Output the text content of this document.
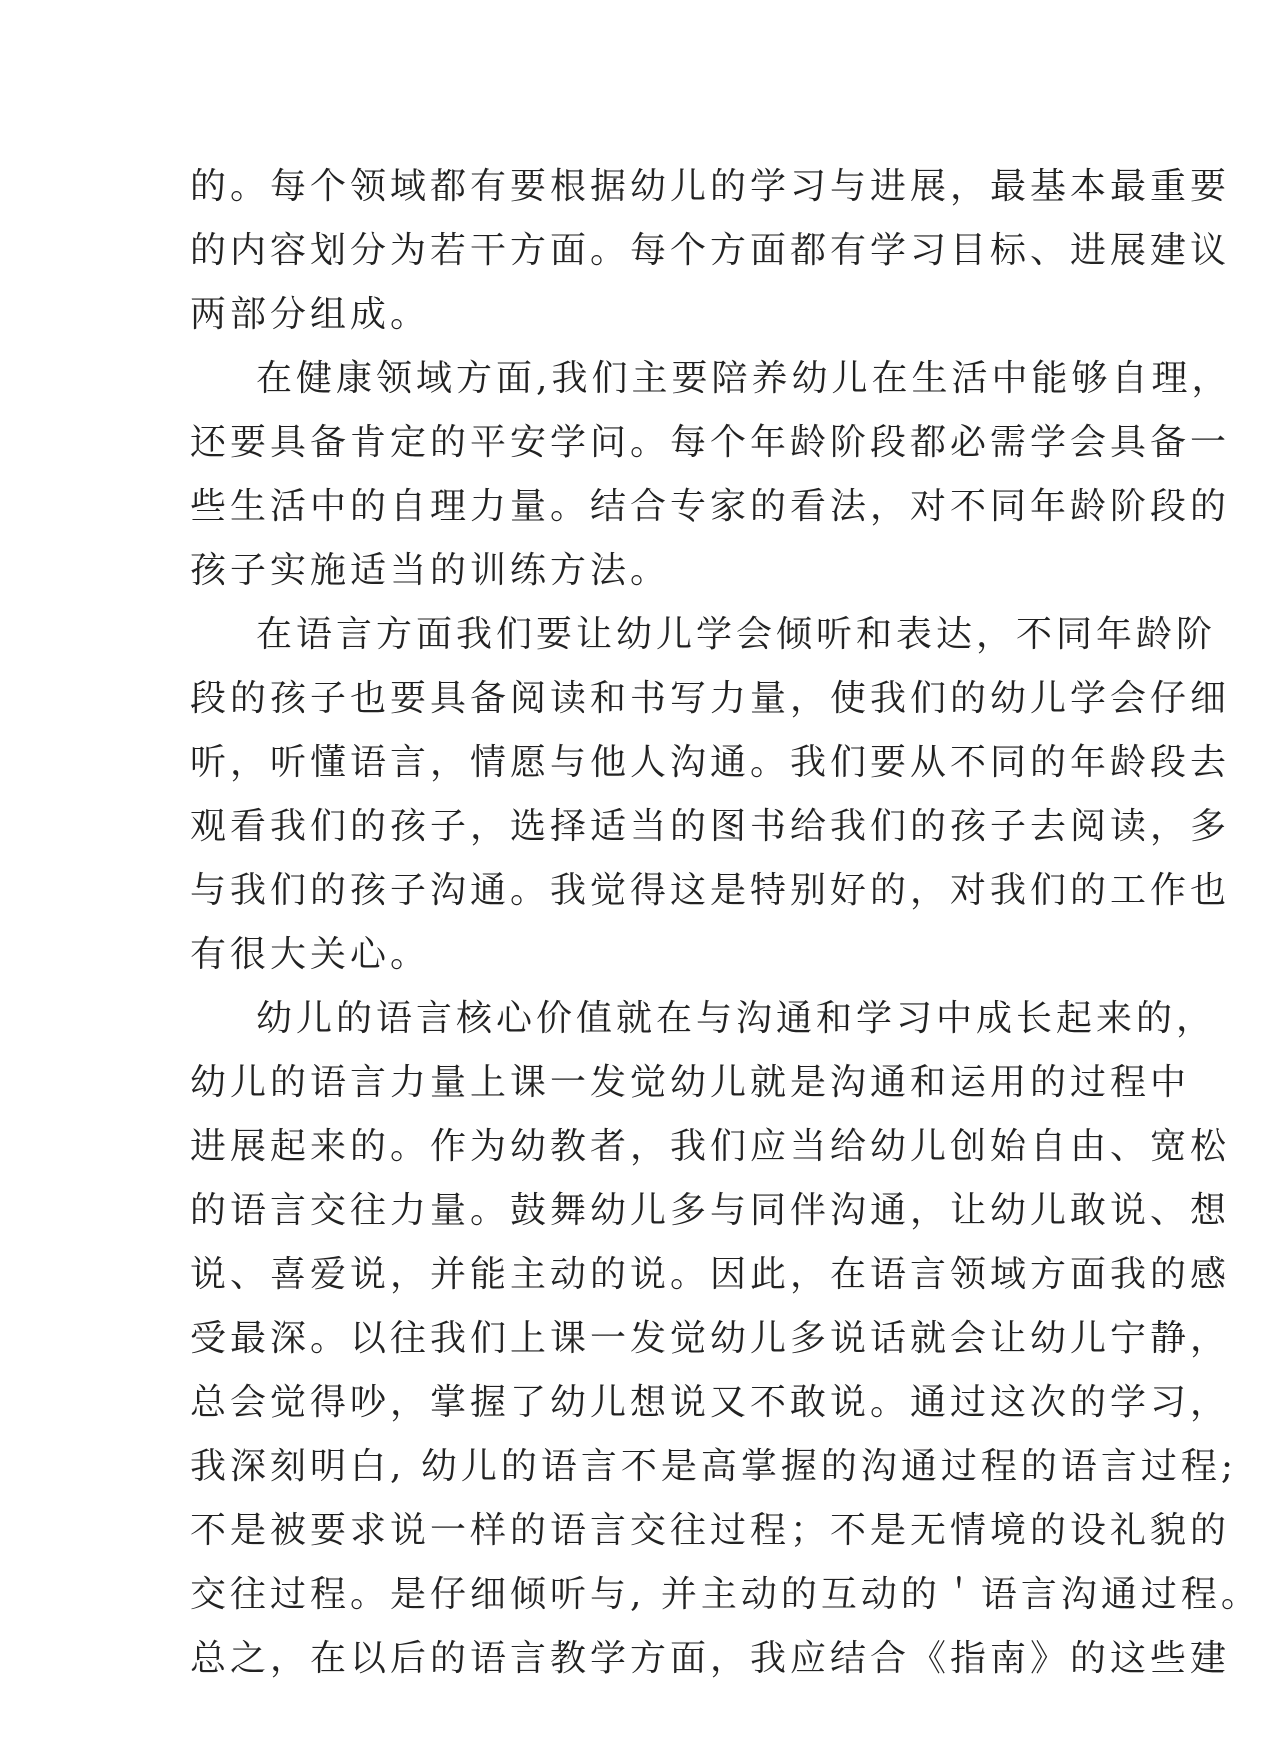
的。每个领域都有要根据幼儿的学习与进展，最基本最重要
的内容划分为若干方面。每个方面都有学习目标、进展建议
两部分组成。
在健康领域方面,我们主要陪养幼儿在生活中能够自理，
还要具备肯定的平安学问。每个年龄阶段都必需学会具备一
些生活中的自理力量。结合专家的看法，对不同年龄阶段的
孩子实施适当的训练方法。
在语言方面我们要让幼儿学会倾听和表达，不同年龄阶
段的孩子也要具备阅读和书写力量，使我们的幼儿学会仔细
听，听懂语言，情愿与他人沟通。我们要从不同的年龄段去
观看我们的孩子，选择适当的图书给我们的孩子去阅读，多
与我们的孩子沟通。我觉得这是特别好的，对我们的工作也
有很大关心。
幼儿的语言核心价值就在与沟通和学习中成长起来的，
幼儿的语言力量上课一发觉幼儿就是沟通和运用的过程中
进展起来的。作为幼教者，我们应当给幼儿创始自由、宽松
的语言交往力量。鼓舞幼儿多与同伴沟通，让幼儿敢说、想
说、喜爱说，并能主动的说。因此，在语言领域方面我的感
受最深。以往我们上课一发觉幼儿多说话就会让幼儿宁静，
总会觉得吵，掌握了幼儿想说又不敢说。通过这次的学习，
我深刻明白, 幼儿的语言不是高掌握的沟通过程的语言过程;
不是被要求说一样的语言交往过程；不是无情境的设礼貌的
交往过程。是仔细倾听与, 并主动的互动的＇语言沟通过程。
总之，在以后的语言教学方面，我应结合《指南》的这些建
